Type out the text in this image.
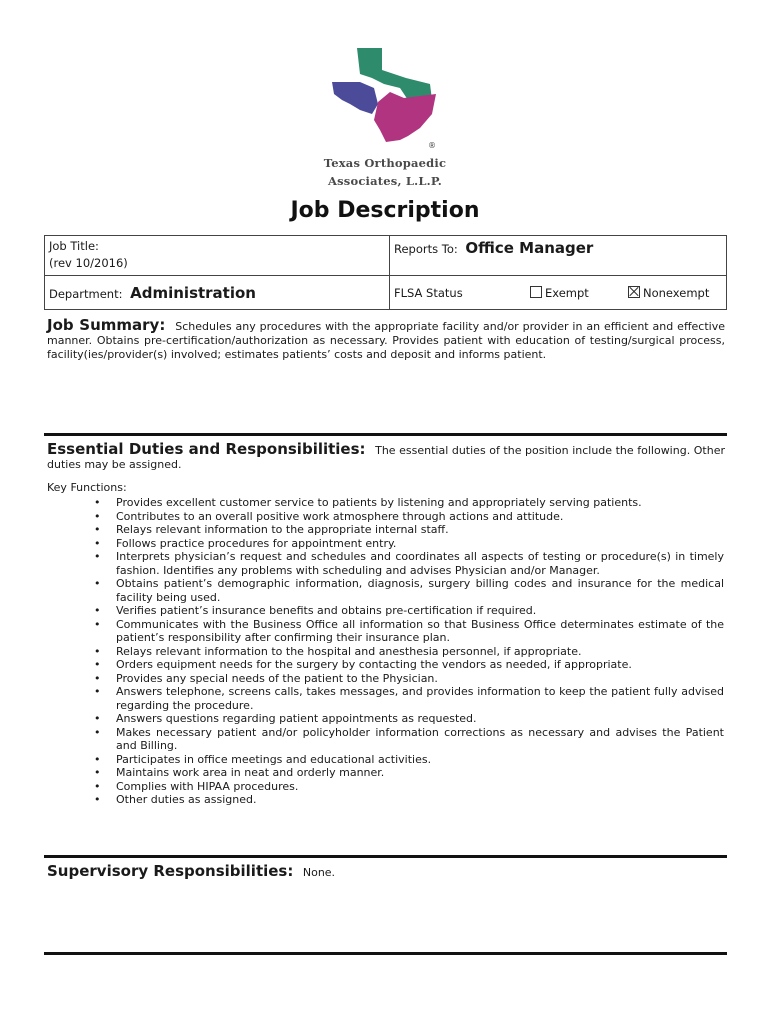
®
Texas Orthopaedic
Associates, L.L.P.
Job Description
Job Title:
(rev 10/2016)	Reports To: Office Manager		
Department: Administration	FLSA Status	Exempt	Nonexempt
Job Summary: Schedules any procedures with the appropriate facility and/or provider in an efficient and effective manner. Obtains pre-certification/authorization as necessary. Provides patient with education of testing/surgical process, facility(ies/provider(s) involved; estimates patients’ costs and deposit and informs patient.
Essential Duties and Responsibilities: The essential duties of the position include the following. Other duties may be assigned.
Key Functions:
• Provides excellent customer service to patients by listening and appropriately serving patients.
• Contributes to an overall positive work atmosphere through actions and attitude.
• Relays relevant information to the appropriate internal staff.
• Follows practice procedures for appointment entry.
• Interprets physician’s request and schedules and coordinates all aspects of testing or procedure(s) in timely fashion. Identifies any problems with scheduling and advises Physician and/or Manager.
• Obtains patient’s demographic information, diagnosis, surgery billing codes and insurance for the medical facility being used.
• Verifies patient’s insurance benefits and obtains pre-certification if required.
• Communicates with the Business Office all information so that Business Office determinates estimate of the patient’s responsibility after confirming their insurance plan.
• Relays relevant information to the hospital and anesthesia personnel, if appropriate.
• Orders equipment needs for the surgery by contacting the vendors as needed, if appropriate.
• Provides any special needs of the patient to the Physician.
• Answers telephone, screens calls, takes messages, and provides information to keep the patient fully advised regarding the procedure.
• Answers questions regarding patient appointments as requested.
• Makes necessary patient and/or policyholder information corrections as necessary and advises the Patient and Billing.
• Participates in office meetings and educational activities.
• Maintains work area in neat and orderly manner.
• Complies with HIPAA procedures.
• Other duties as assigned.
Supervisory Responsibilities: None.
